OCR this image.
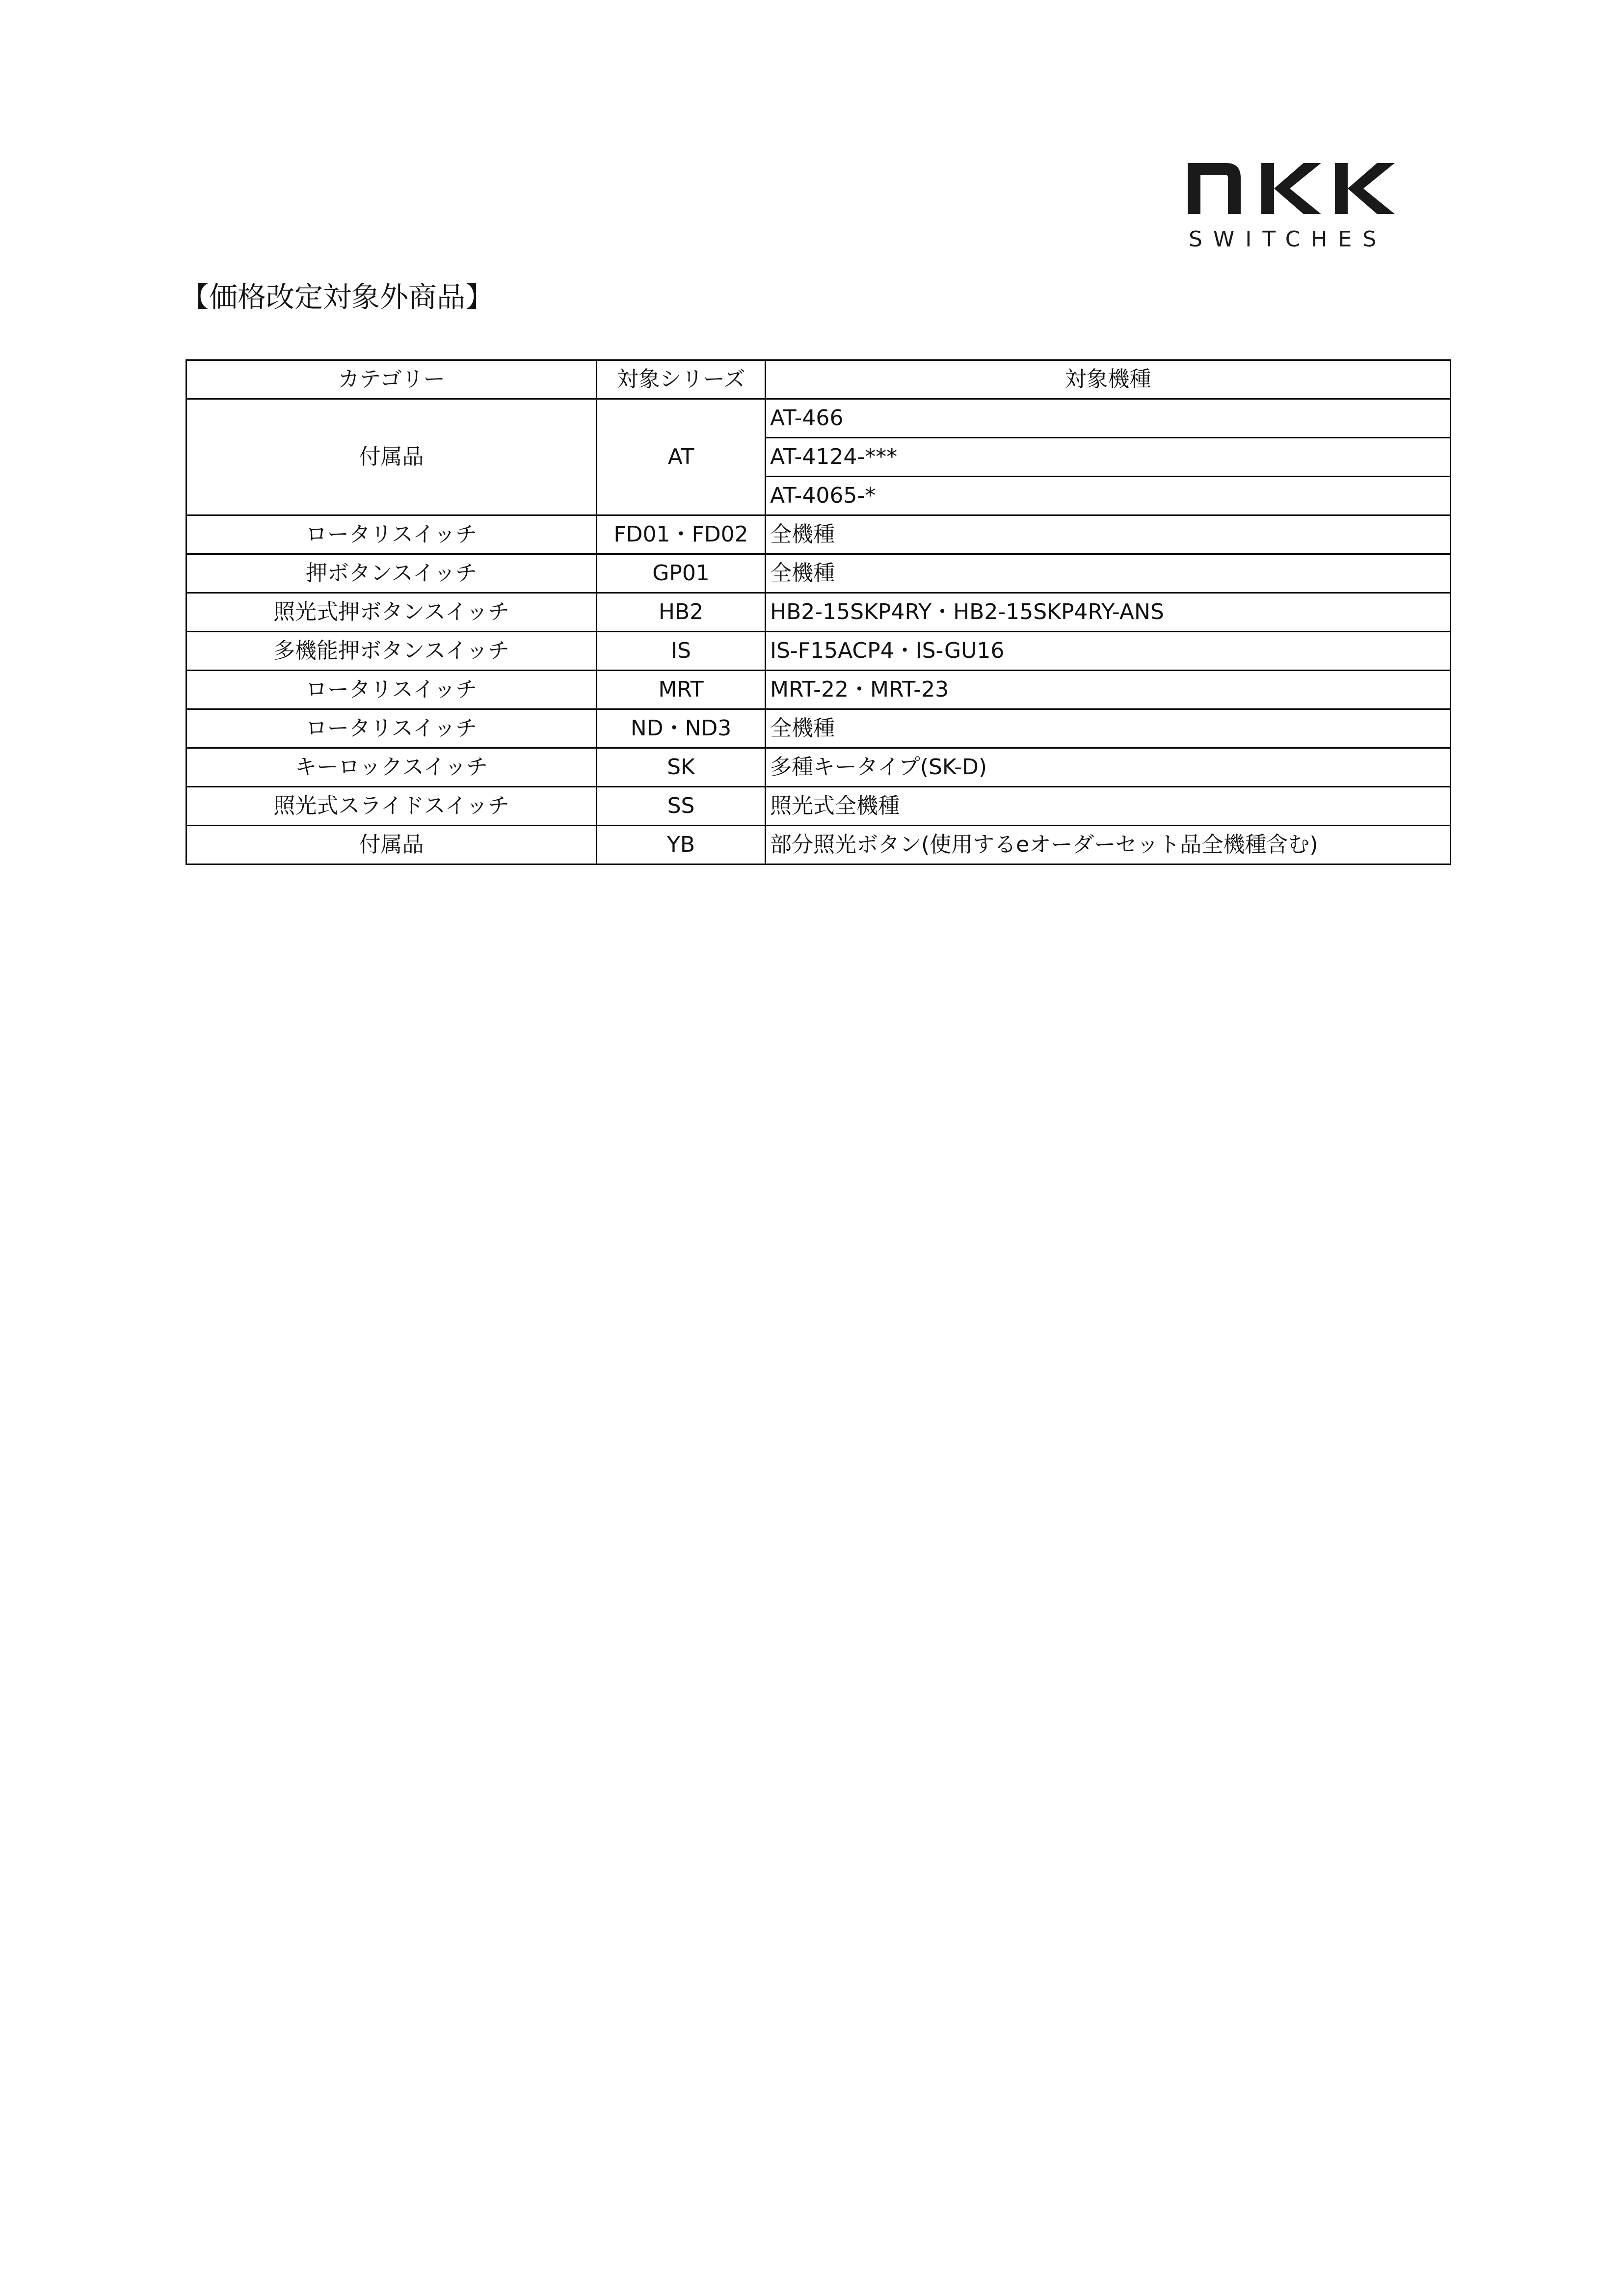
SWITCHES
【価格改定対象外商品】
カテゴリー	対象シリーズ	対象機種
付属品	AT	AT-466
		AT-4124-***
		AT-4065-*
ロータリスイッチ	FD01・FD02	全機種
押ボタンスイッチ	GP01	全機種
照光式押ボタンスイッチ	HB2	HB2-15SKP4RY・HB2-15SKP4RY-ANS
多機能押ボタンスイッチ	IS	IS-F15ACP4・IS-GU16
ロータリスイッチ	MRT	MRT-22・MRT-23
ロータリスイッチ	ND・ND3	全機種
キーロックスイッチ	SK	多種キータイプ(SK-D)
照光式スライドスイッチ	SS	照光式全機種
付属品	YB	部分照光ボタン(使用するeオーダーセット品全機種含む)
